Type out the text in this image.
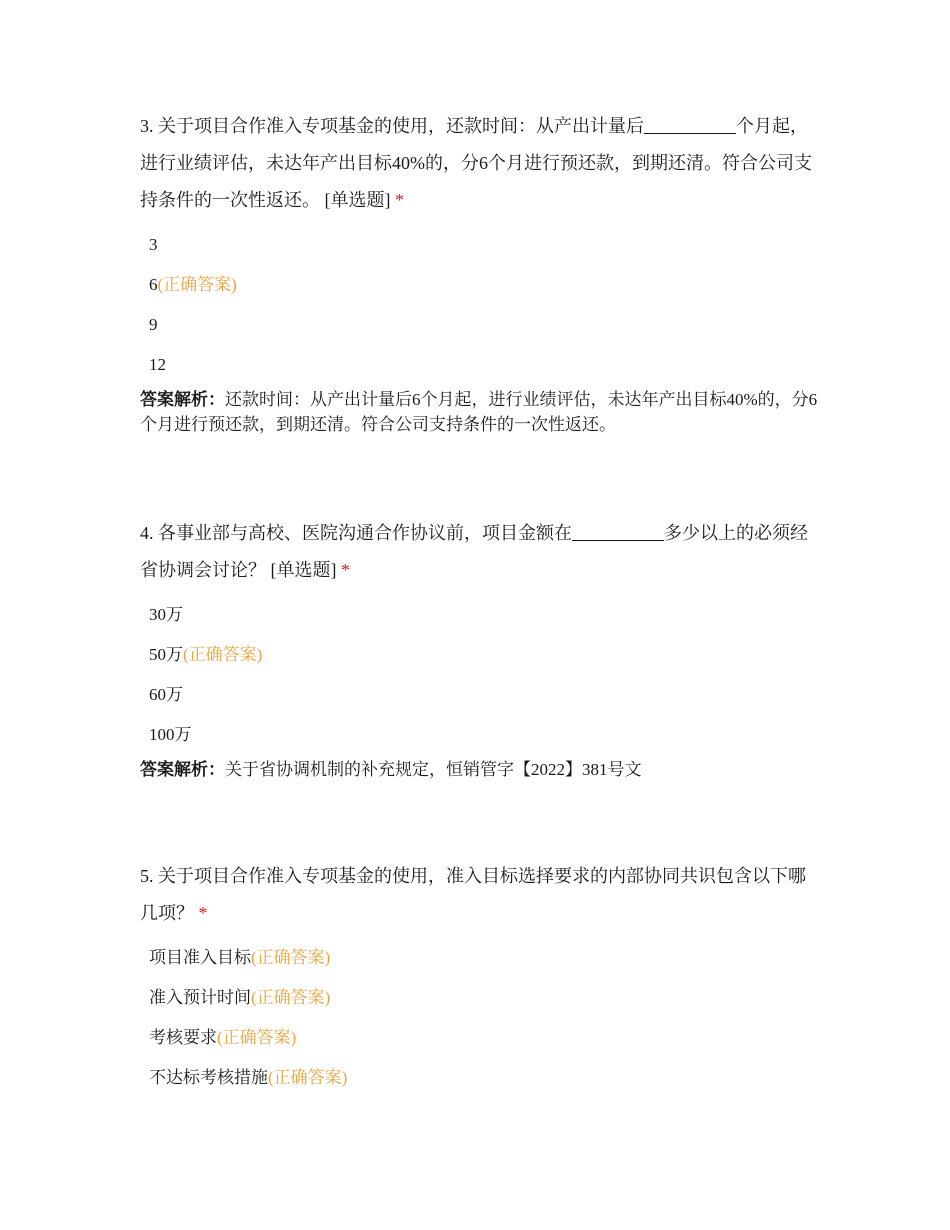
3. 关于项目合作准入专项基金的使用，还款时间：从产出计量后	个月起，进行业绩评估，未达年产出目标40%的，分6个月进行预还款，到期还清。符合公司支持条件的一次性返还。 [单选题] *

3
6(正确答案)
9
12
答案解析：还款时间：从产出计量后6个月起，进行业绩评估，未达年产出目标40%的，分6个月进行预还款，到期还清。符合公司支持条件的一次性返还。

4. 各事业部与高校、医院沟通合作协议前，项目金额在	多少以上的必须经省协调会讨论？ [单选题] *

30万
50万(正确答案)
60万
100万
答案解析：关于省协调机制的补充规定，恒销管字【2022】381号文

5. 关于项目合作准入专项基金的使用，准入目标选择要求的内部协同共识包含以下哪几项？ *

项目准入目标(正确答案)
准入预计时间(正确答案)
考核要求(正确答案)
不达标考核措施(正确答案)
